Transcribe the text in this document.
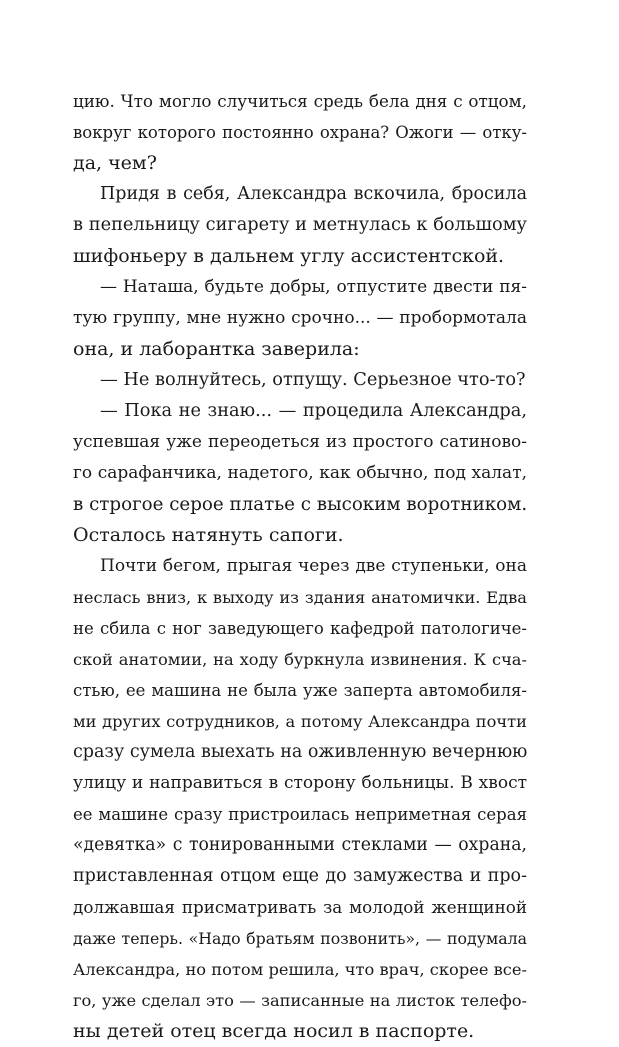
цию. Что могло случиться средь бела дня с отцом,
вокруг которого постоянно охрана? Ожоги — отку-
да, чем?
Придя в себя, Александра вскочила, бросила
в пепельницу сигарету и метнулась к большому
шифоньеру в дальнем углу ассистентской.
— Наташа, будьте добры, отпустите двести пя-
тую группу, мне нужно срочно... — пробормотала
она, и лаборантка заверила:
— Не волнуйтесь, отпущу. Серьезное что-то?
— Пока не знаю... — процедила Александра,
успевшая уже переодеться из простого сатиново-
го сарафанчика, надетого, как обычно, под халат,
в строгое серое платье с высоким воротником.
Осталось натянуть сапоги.
Почти бегом, прыгая через две ступеньки, она
неслась вниз, к выходу из здания анатомички. Едва
не сбила с ног заведующего кафедрой патологиче-
ской анатомии, на ходу буркнула извинения. К сча-
стью, ее машина не была уже заперта автомобиля-
ми других сотрудников, а потому Александра почти
сразу сумела выехать на оживленную вечернюю
улицу и направиться в сторону больницы. В хвост
ее машине сразу пристроилась неприметная серая
«девятка» с тонированными стеклами — охрана,
приставленная отцом еще до замужества и про-
должавшая присматривать за молодой женщиной
даже теперь. «Надо братьям позвонить», — подумала
Александра, но потом решила, что врач, скорее все-
го, уже сделал это — записанные на листок телефо-
ны детей отец всегда носил в паспорте.
